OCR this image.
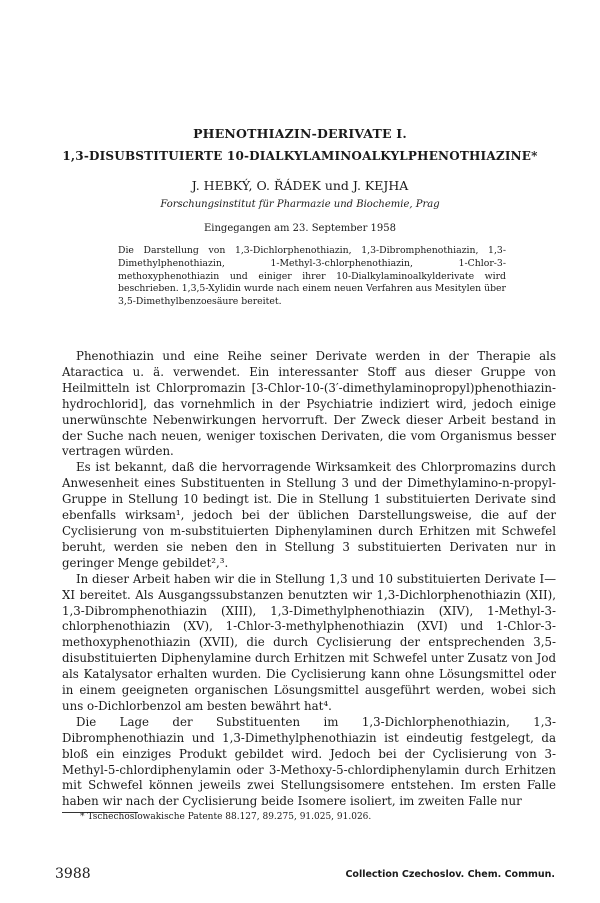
PHENOTHIAZIN-DERIVATE I.
1,3-DISUBSTITUIERTE 10-DIALKYLAMINOALKYLPHENOTHIAZINE*
J. HEBKÝ, O. ŘÁDEK und J. KEJHA
Forschungsinstitut für Pharmazie und Biochemie, Prag
Eingegangen am 23. September 1958

Die Darstellung von 1,3-Dichlorphenothiazin, 1,3-Dibromphenothiazin, 1,3-Dimethylphenothiazin, 1-Methyl-3-chlorphenothiazin, 1-Chlor-3-methoxyphenothiazin und einiger ihrer 10-Dialkylaminoalkylderivate wird beschrieben. 1,3,5-Xylidin wurde nach einem neuen Verfahren aus Mesitylen über 3,5-Dimethylbenzoesäure bereitet.

Phenothiazin und eine Reihe seiner Derivate werden in der Therapie als Ataractica u. ä. verwendet. Ein interessanter Stoff aus dieser Gruppe von Heilmitteln ist Chlorpromazin [3-Chlor-10-(3′-dimethylaminopropyl)phenothiazin-hydrochlorid], das vornehmlich in der Psychiatrie indiziert wird, jedoch einige unerwünschte Nebenwirkungen hervorruft. Der Zweck dieser Arbeit bestand in der Suche nach neuen, weniger toxischen Derivaten, die vom Organismus besser vertragen würden.

Es ist bekannt, daß die hervorragende Wirksamkeit des Chlorpromazins durch Anwesenheit eines Substituenten in Stellung 3 und der Dimethylamino-n-propyl-Gruppe in Stellung 10 bedingt ist. Die in Stellung 1 substituierten Derivate sind ebenfalls wirksam¹, jedoch bei der üblichen Darstellungsweise, die auf der Cyclisierung von m-substituierten Diphenylaminen durch Erhitzen mit Schwefel beruht, werden sie neben den in Stellung 3 substituierten Derivaten nur in geringer Menge gebildet²,³.

In dieser Arbeit haben wir die in Stellung 1,3 und 10 substituierten Derivate I—XI bereitet. Als Ausgangssubstanzen benutzten wir 1,3-Dichlorphenothiazin (XII), 1,3-Dibromphenothiazin (XIII), 1,3-Dimethylphenothiazin (XIV), 1-Methyl-3-chlorphenothiazin (XV), 1-Chlor-3-methylphenothiazin (XVI) und 1-Chlor-3-methoxyphenothiazin (XVII), die durch Cyclisierung der entsprechenden 3,5-disubstituierten Diphenylamine durch Erhitzen mit Schwefel unter Zusatz von Jod als Katalysator erhalten wurden. Die Cyclisierung kann ohne Lösungsmittel oder in einem geeigneten organischen Lösungsmittel ausgeführt werden, wobei sich uns o-Dichlorbenzol am besten bewährt hat⁴.

Die Lage der Substituenten im 1,3-Dichlorphenothiazin, 1,3-Dibromphenothiazin und 1,3-Dimethylphenothiazin ist eindeutig festgelegt, da bloß ein einziges Produkt gebildet wird. Jedoch bei der Cyclisierung von 3-Methyl-5-chlordiphenylamin oder 3-Methoxy-5-chlordiphenylamin durch Erhitzen mit Schwefel können jeweils zwei Stellungsisomere entstehen. Im ersten Falle haben wir nach der Cyclisierung beide Isomere isoliert, im zweiten Falle nur

* Tschechoslowakische Patente 88.127, 89.275, 91.025, 91.026.
3988	Collection Czechoslov. Chem. Commun.
